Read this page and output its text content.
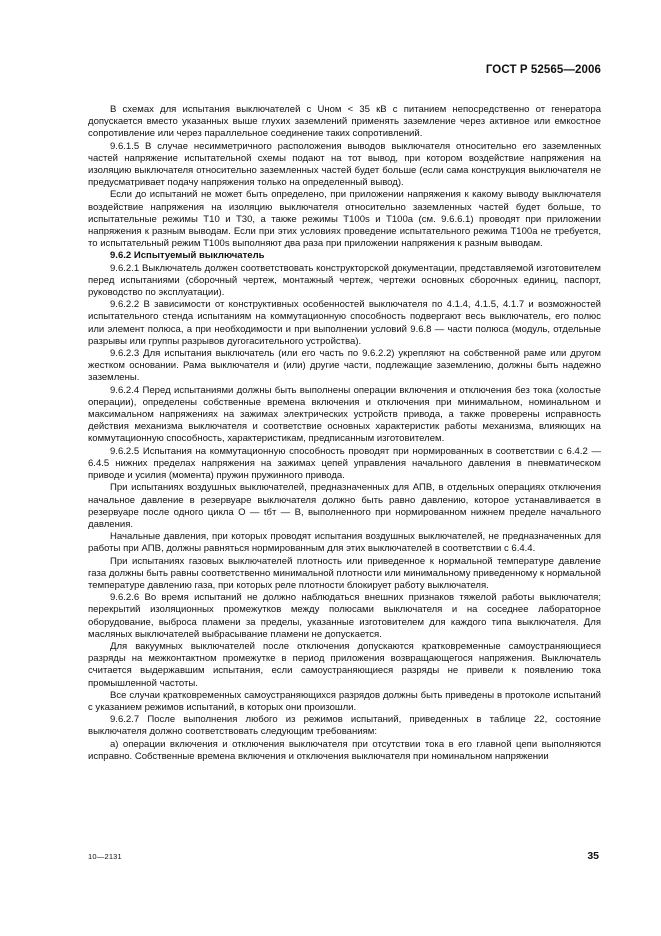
ГОСТ Р 52565—2006

В схемах для испытания выключателей с Uном < 35 кВ с питанием непосредственно от генератора допускается вместо указанных выше глухих заземлений применять заземление через активное или емкостное сопротивление или через параллельное соединение таких сопротивлений.

9.6.1.5 В случае несимметричного расположения выводов выключателя относительно его заземленных частей напряжение испытательной схемы подают на тот вывод, при котором воздействие напряжения на изоляцию выключателя относительно заземленных частей будет больше (если сама конструкция выключателя не предусматривает подачу напряжения только на определенный вывод).

Если до испытаний не может быть определено, при приложении напряжения к какому выводу выключателя воздействие напряжения на изоляцию выключателя относительно заземленных частей будет больше, то испытательные режимы Т10 и Т30, а также режимы Т100s и Т100а (см. 9.6.6.1) проводят при приложении напряжения к разным выводам. Если при этих условиях проведение испытательного режима Т100а не требуется, то испытательный режим Т100s выполняют два раза при приложении напряжения к разным выводам.

9.6.2 Испытуемый выключатель

9.6.2.1 Выключатель должен соответствовать конструкторской документации, представляемой изготовителем перед испытаниями (сборочный чертеж, монтажный чертеж, чертежи основных сборочных единиц, паспорт, руководство по эксплуатации).

9.6.2.2 В зависимости от конструктивных особенностей выключателя по 4.1.4, 4.1.5, 4.1.7 и возможностей испытательного стенда испытаниям на коммутационную способность подвергают весь выключатель, его полюс или элемент полюса, а при необходимости и при выполнении условий 9.6.8 — части полюса (модуль, отдельные разрывы или группы разрывов дугогасительного устройства).

9.6.2.3 Для испытания выключатель (или его часть по 9.6.2.2) укрепляют на собственной раме или другом жестком основании. Рама выключателя и (или) другие части, подлежащие заземлению, должны быть надежно заземлены.

9.6.2.4 Перед испытаниями должны быть выполнены операции включения и отключения без тока (холостые операции), определены собственные времена включения и отключения при минимальном, номинальном и максимальном напряжениях на зажимах электрических устройств привода, а также проверены исправность действия механизма выключателя и соответствие основных характеристик работы механизма, влияющих на коммутационную способность, характеристикам, предписанным изготовителем.

9.6.2.5 Испытания на коммутационную способность проводят при нормированных в соответствии с 6.4.2 — 6.4.5 нижних пределах напряжения на зажимах цепей управления начального давления в пневматическом приводе и усилия (момента) пружин пружинного привода.

При испытаниях воздушных выключателей, предназначенных для АПВ, в отдельных операциях отключения начальное давление в резервуаре выключателя должно быть равно давлению, которое устанавливается в резервуаре после одного цикла О — tбт — В, выполненного при нормированном нижнем пределе начального давления.

Начальные давления, при которых проводят испытания воздушных выключателей, не предназначенных для работы при АПВ, должны равняться нормированным для этих выключателей в соответствии с 6.4.4.

При испытаниях газовых выключателей плотность или приведенное к нормальной температуре давление газа должны быть равны соответственно минимальной плотности или минимальному приведенному к нормальной температуре давлению газа, при которых реле плотности блокирует работу выключателя.

9.6.2.6 Во время испытаний не должно наблюдаться внешних признаков тяжелой работы выключателя; перекрытий изоляционных промежутков между полюсами выключателя и на соседнее лабораторное оборудование, выброса пламени за пределы, указанные изготовителем для каждого типа выключателя. Для масляных выключателей выбрасывание пламени не допускается.

Для вакуумных выключателей после отключения допускаются кратковременные самоустраняющиеся разряды на межконтактном промежутке в период приложения возвращающегося напряжения. Выключатель считается выдержавшим испытания, если самоустраняющиеся разряды не привели к появлению тока промышленной частоты.

Все случаи кратковременных самоустраняющихся разрядов должны быть приведены в протоколе испытаний с указанием режимов испытаний, в которых они произошли.

9.6.2.7 После выполнения любого из режимов испытаний, приведенных в таблице 22, состояние выключателя должно соответствовать следующим требованиям:

а) операции включения и отключения выключателя при отсутствии тока в его главной цепи выполняются исправно. Собственные времена включения и отключения выключателя при номинальном напряжении

10—2131	35
